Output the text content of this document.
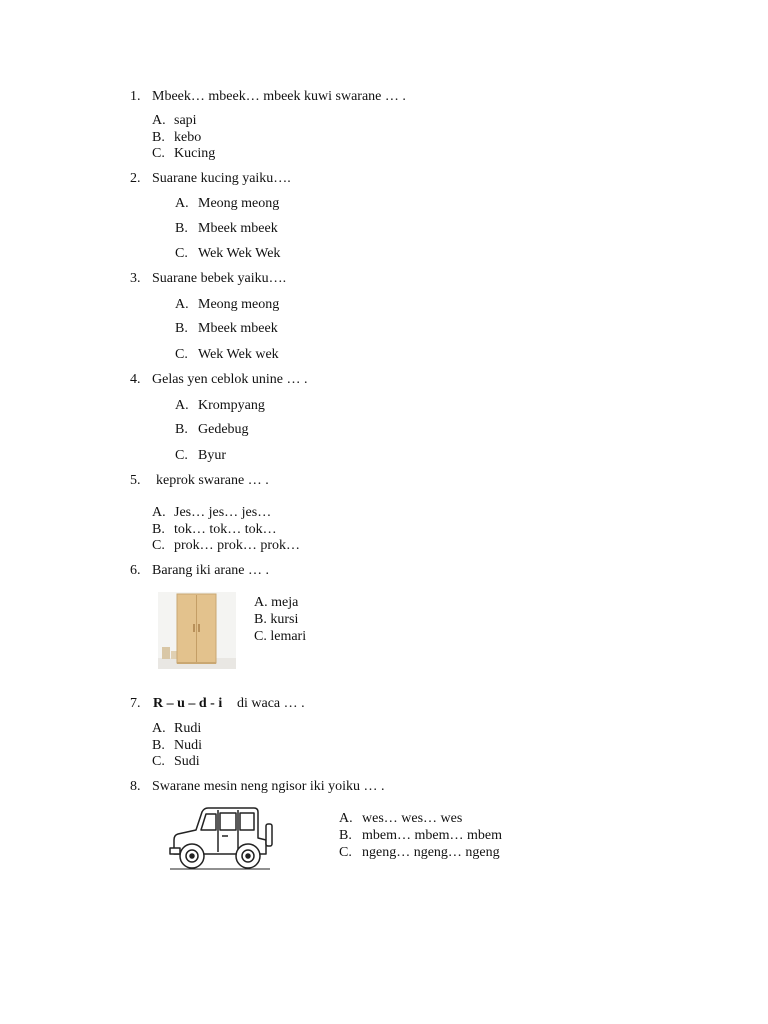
1. Mbeek… mbeek… mbeek kuwi swarane … .
A. sapi
B. kebo
C. Kucing
2. Suarane kucing yaiku….
A. Meong meong
B. Mbeek mbeek
C. Wek Wek Wek
3. Suarane bebek yaiku….
A. Meong meong
B. Mbeek mbeek
C. Wek Wek wek
4. Gelas yen ceblok unine … .
A. Krompyang
B. Gedebug
C. Byur
5. keprok swarane … .
A. Jes… jes… jes…
B. tok… tok… tok…
C. prok… prok… prok…
6. Barang iki arane … .
A. meja
B. kursi
C. lemari
7. R – u – d - i di waca … .
A. Rudi
B. Nudi
C. Sudi
8. Swarane mesin neng ngisor iki yoiku … .
A. wes… wes… wes
B. mbem… mbem… mbem
C. ngeng… ngeng… ngeng
